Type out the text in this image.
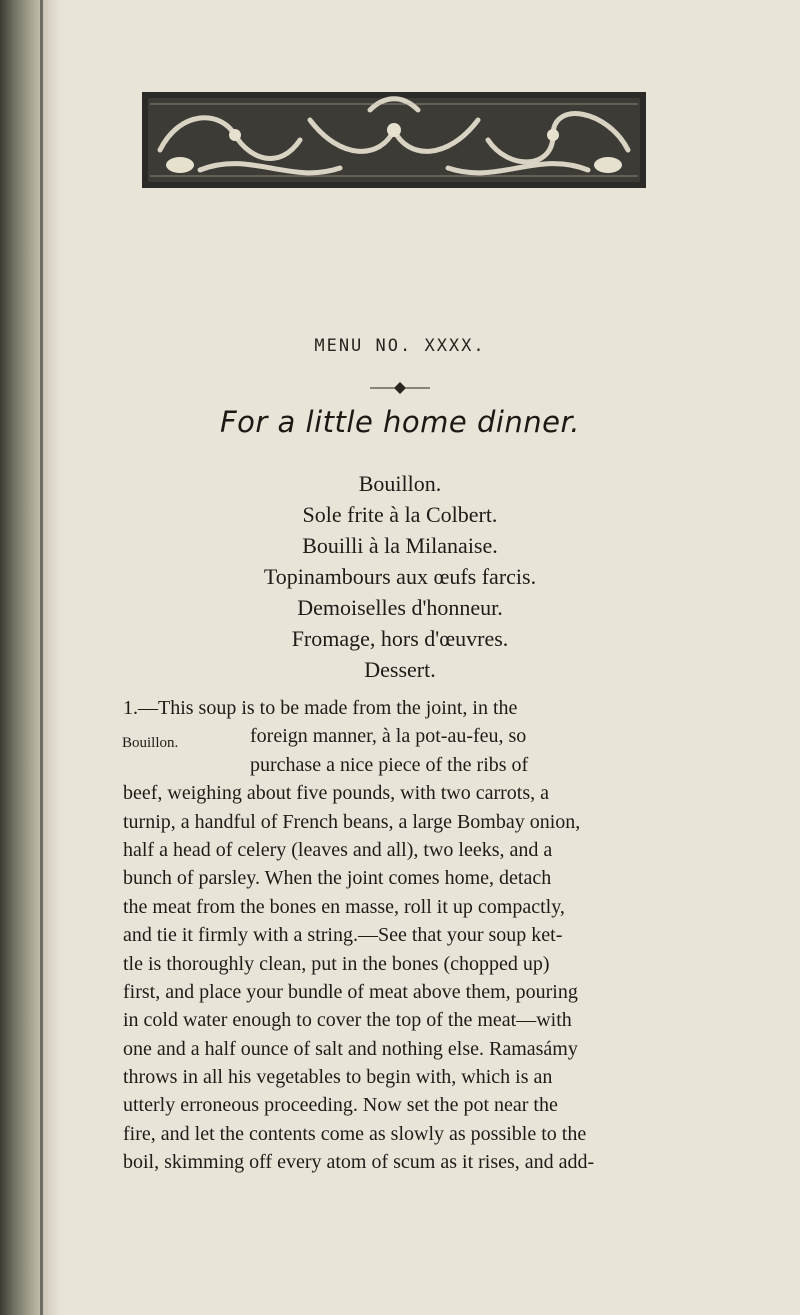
MENU NO. XXXX.
For a little home dinner.
Bouillon.
Sole frite à la Colbert.
Bouilli à la Milanaise.
Topinambours aux œufs farcis.
Demoiselles d'honneur.
Fromage, hors d'œuvres.
Dessert.
Bouillon.
1.—This soup is to be made from the joint, in the
foreign manner, à la pot-au-feu, so
purchase a nice piece of the ribs of
beef, weighing about five pounds, with two carrots, a
turnip, a handful of French beans, a large Bombay onion,
half a head of celery (leaves and all), two leeks, and a
bunch of parsley. When the joint comes home, detach
the meat from the bones en masse, roll it up compactly,
and tie it firmly with a string.—See that your soup ket-
tle is thoroughly clean, put in the bones (chopped up)
first, and place your bundle of meat above them, pouring
in cold water enough to cover the top of the meat—with
one and a half ounce of salt and nothing else. Ramasámy
throws in all his vegetables to begin with, which is an
utterly erroneous proceeding. Now set the pot near the
fire, and let the contents come as slowly as possible to the
boil, skimming off every atom of scum as it rises, and add-
